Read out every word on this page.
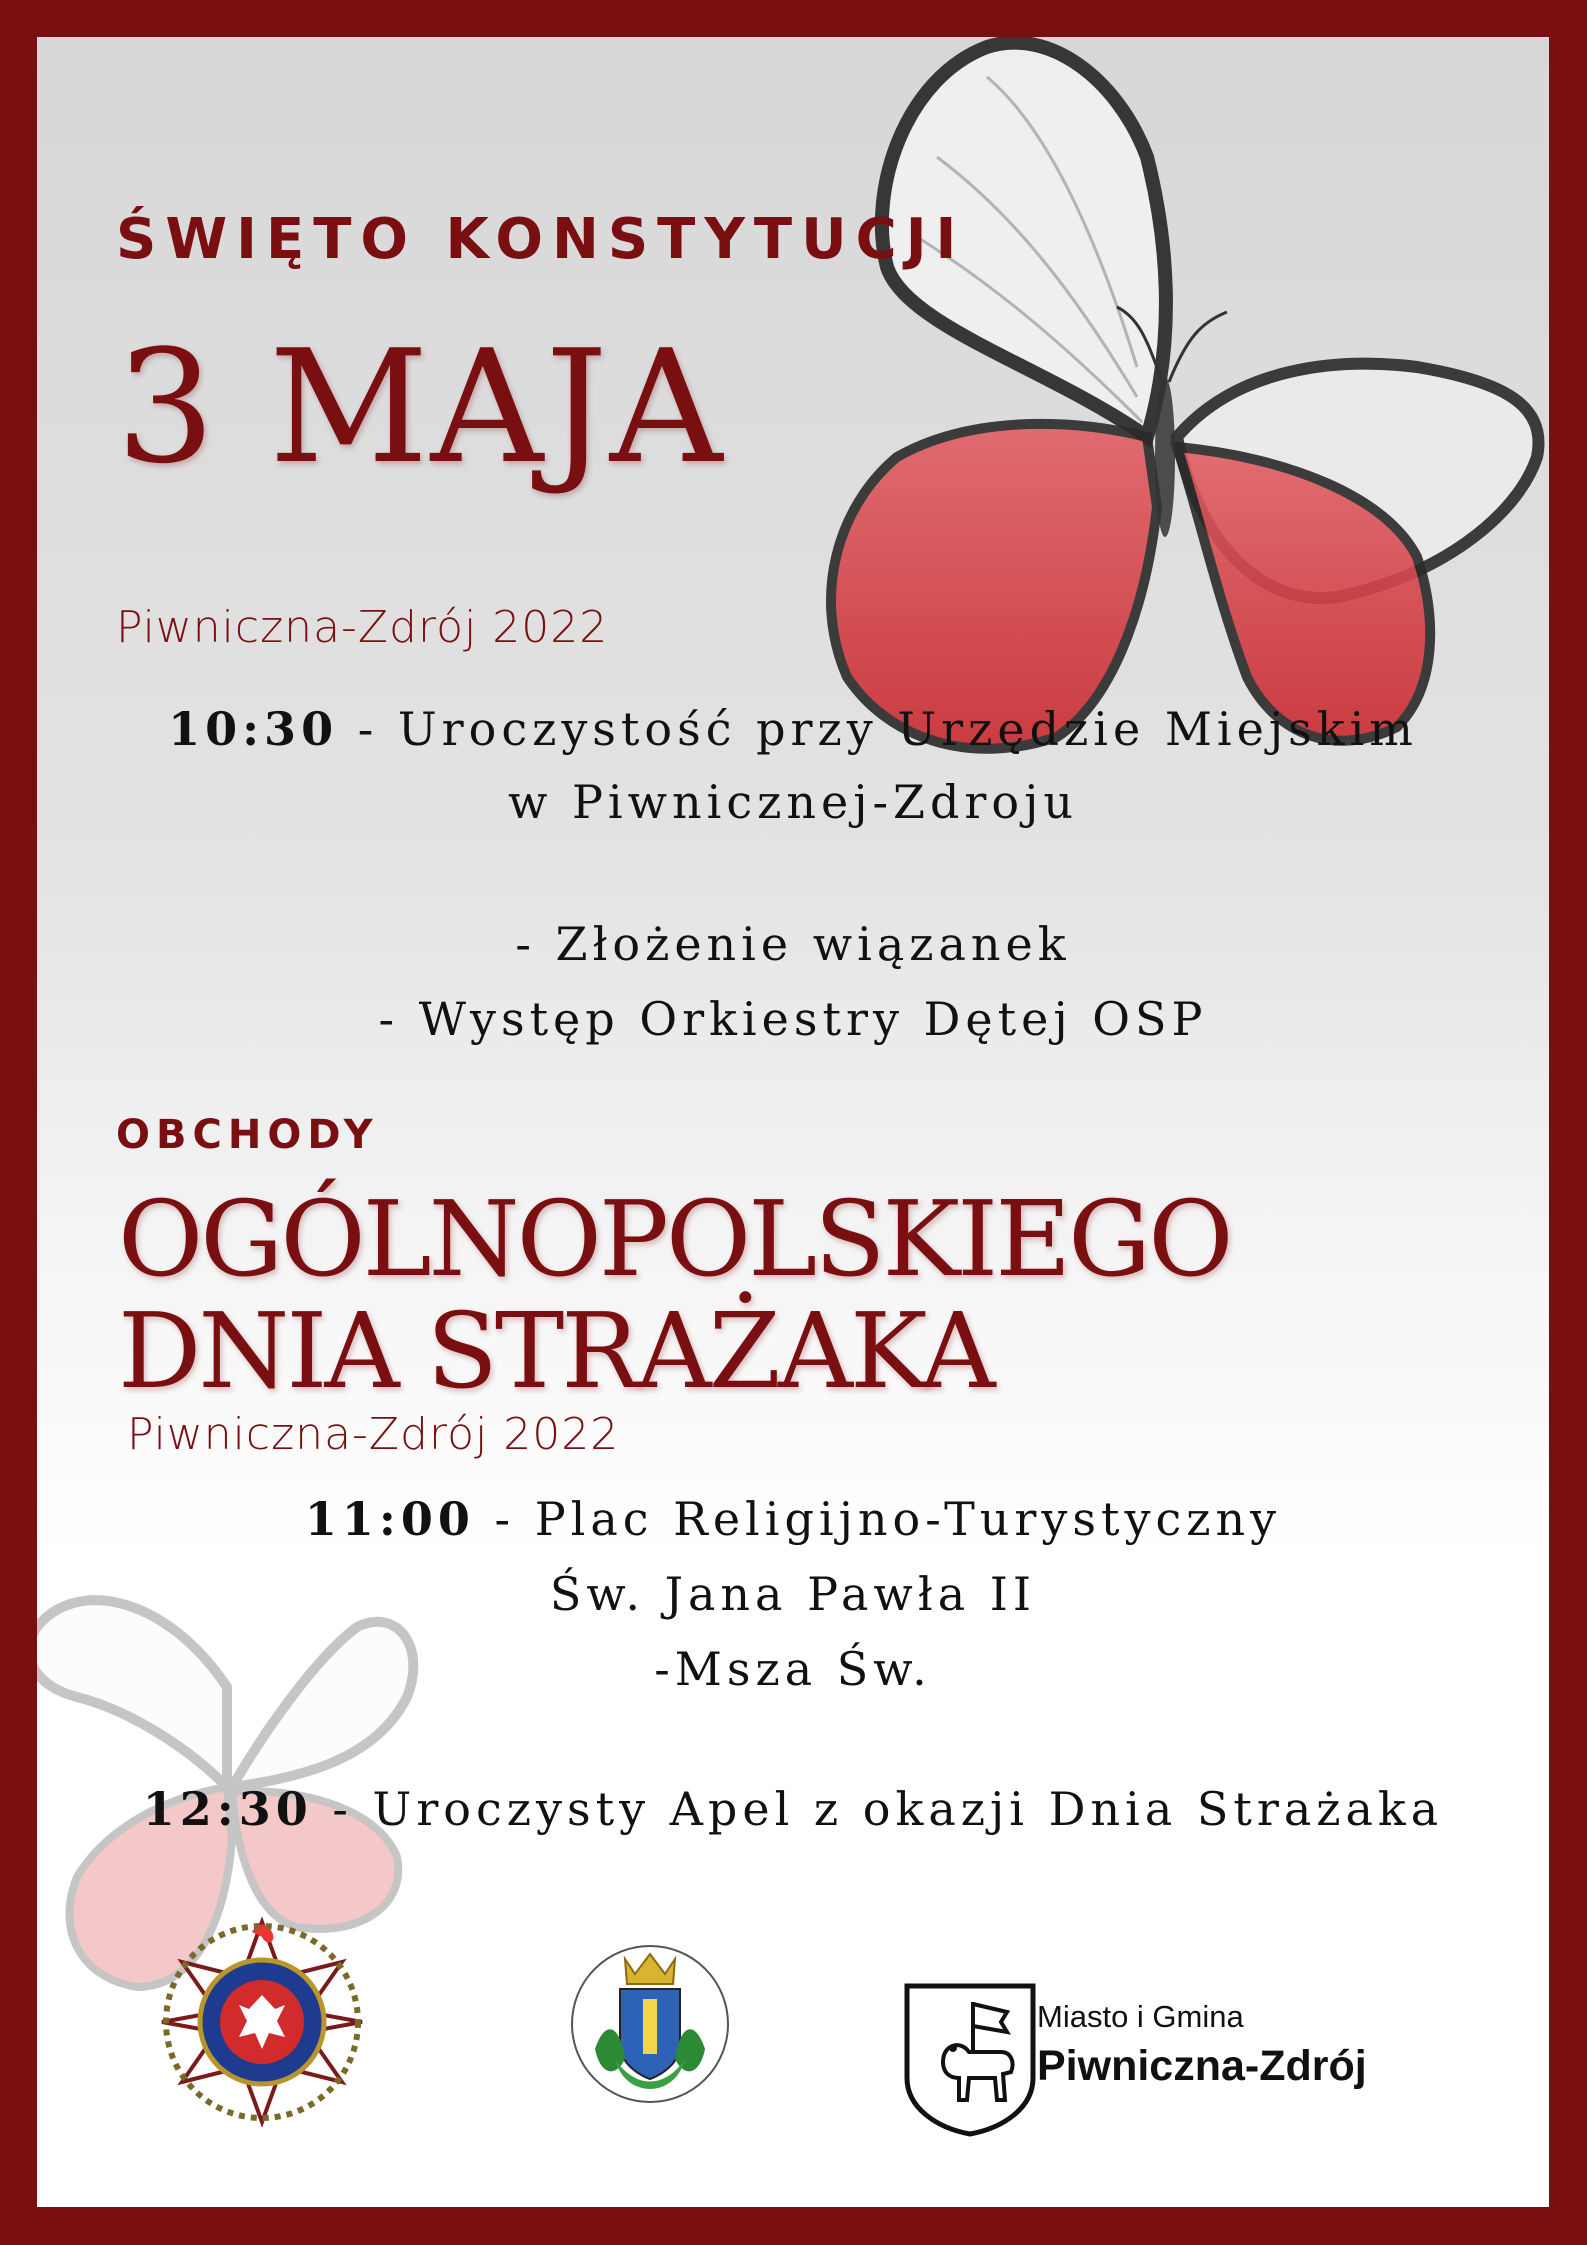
ŚWIĘTO KONSTYTUCJI
3 MAJA
Piwniczna-Zdrój 2022
10:30 - Uroczystość przy Urzędzie Miejskim
w Piwnicznej-Zdroju
- Złożenie wiązanek
- Występ Orkiestry Dętej OSP
OBCHODY
OGÓLNOPOLSKIEGO
DNIA STRAŻAKA
Piwniczna-Zdrój 2022
11:00 - Plac Religijno-Turystyczny
Św. Jana Pawła II
-Msza Św.
12:30 - Uroczysty Apel z okazji Dnia Strażaka
Miasto i Gmina
Piwniczna-Zdrój
